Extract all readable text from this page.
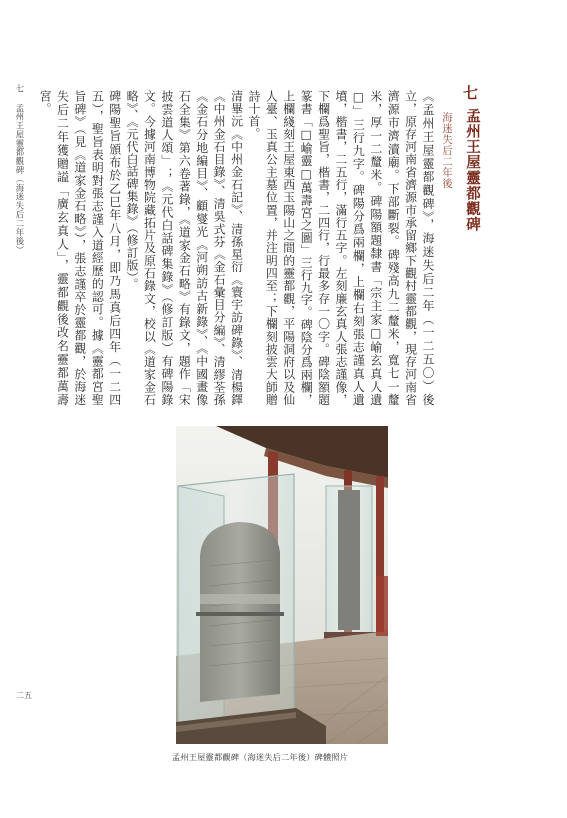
七 孟州王屋靈都觀碑（海迷失后二年後）
二五
七
孟州王屋靈都觀碑
海迷失后二年後

《孟州王屋靈都觀碑》，海迷失后二年（一二五〇）後立，原存河南省濟源市承留鄉下觀村靈都觀，現存河南省濟源市濟瀆廟。下部斷裂。碑殘高九二釐米，寬七一釐米，厚一二釐米。碑陽額題隸書「宗主家□崳玄真人遺□」三行九字。碑陽分爲兩欄，上欄右刻張志謹真人遺墳，楷書，二五行，滿行五字。左刻廉玄真人張志謹像，下欄爲聖旨，楷書，二四行，行最多存一〇字。碑陰額題篆書「□崳靈□萬壽宮之圖」三行九字。碑陰分爲兩欄，上欄綫刻王屋東西玉陽山之間的靈都觀，平陽洞府以及仙人臺、玉真公主墓位置，并注明四至；下欄刻披雲大師贈詩十首。

清畢沅《中州金石記》、清孫星衍《寰宇訪碑錄》、清楊鐸《中州金石目錄》、清吳式芬《金石彙目分編》、清繆荃孫《金石分地編目》、顧燮光《河朔訪古新錄》、《中國畫像石全集》第六卷著錄，《道家金石略》有錄文，題作「宋披雲道人頌」；《元代白話碑集錄》（修訂版）有碑陽錄文。今據河南博物院藏拓片及原石錄文，校以《道家金石略》、《元代白話碑集錄》（修訂版）。

碑陽聖旨頒布於乙巳年八月，即乃馬真后四年（一二四五），聖旨表明對張志謹入道經歷的認可。據《靈都宮聖旨碑》（見《道家金石略》），張志謹卒於靈都觀，於海迷失后二年獲贈謚「廣玄真人」，靈都觀後改名靈都萬壽宮。

孟州王屋靈都觀碑（海迷失后二年後）碑體照片
